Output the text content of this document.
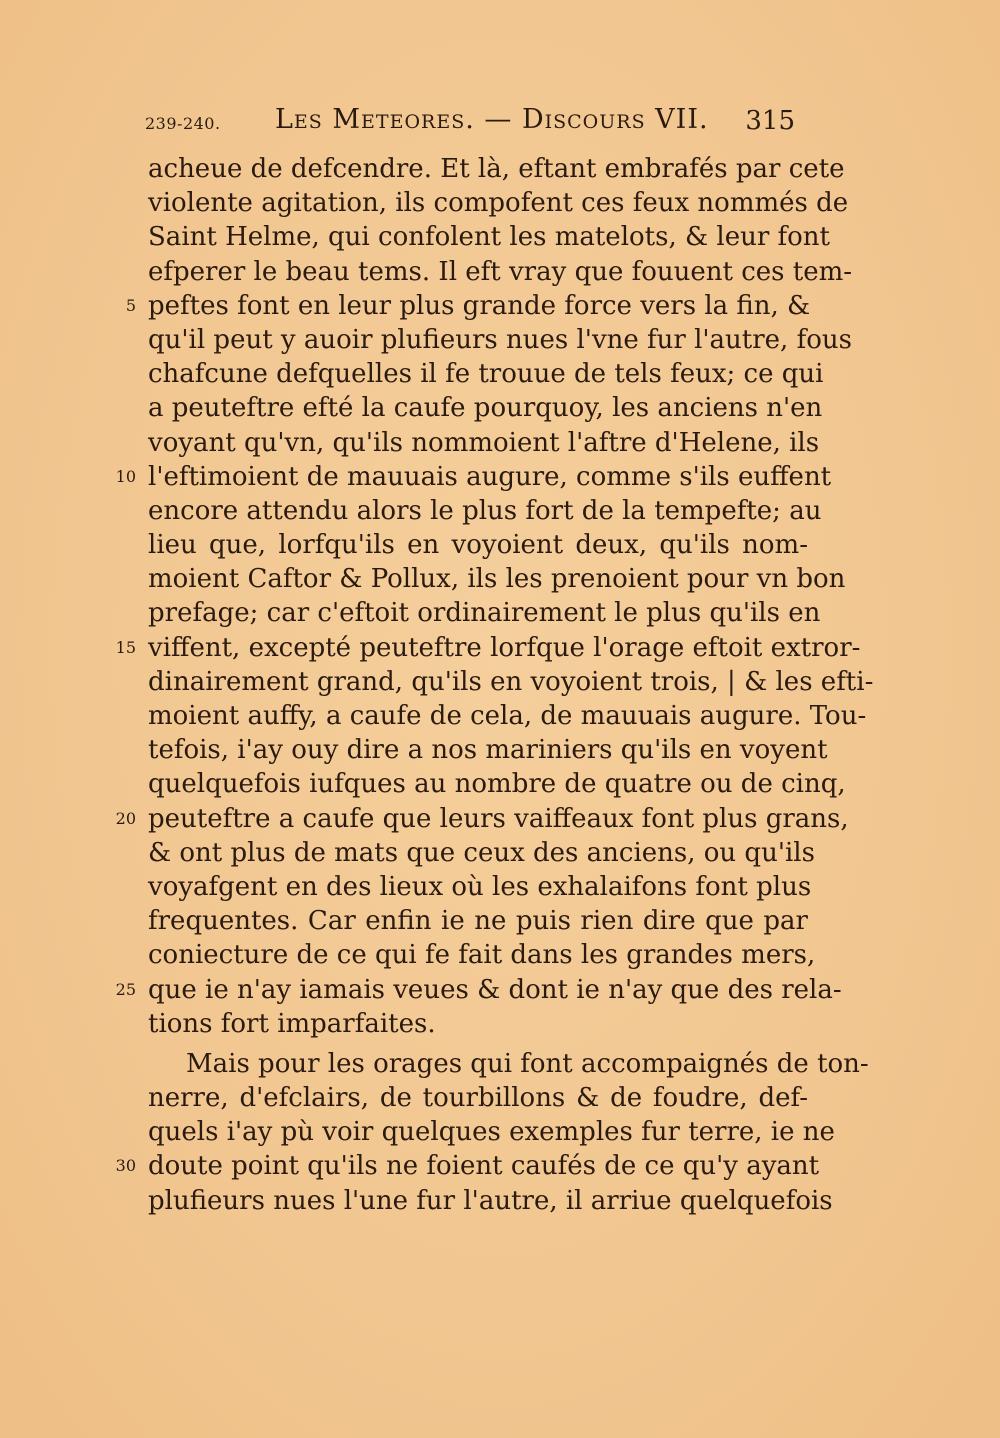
239-240. Les Meteores. — Discours VII. 315
acheue de defcendre. Et là, eftant embrafés par cete
violente agitation, ils compofent ces feux nommés de
Saint Helme, qui confolent les matelots, & leur font
efperer le beau tems. Il eft vray que fouuent ces tem-
5 peftes font en leur plus grande force vers la fin, &
qu'il peut y auoir plufieurs nues l'vne fur l'autre, fous
chafcune defquelles il fe trouue de tels feux; ce qui
a peuteftre efté la caufe pourquoy, les anciens n'en
voyant qu'vn, qu'ils nommoient l'aftre d'Helene, ils
10 l'eftimoient de mauuais augure, comme s'ils euffent
encore attendu alors le plus fort de la tempefte; au
lieu que, lorfqu'ils en voyoient deux, qu'ils nom-
moient Caftor & Pollux, ils les prenoient pour vn bon
prefage; car c'eftoit ordinairement le plus qu'ils en
15 viffent, excepté peuteftre lorfque l'orage eftoit extror-
dinairement grand, qu'ils en voyoient trois, | & les efti-
moient auffy, a caufe de cela, de mauuais augure. Tou-
tefois, i'ay ouy dire a nos mariniers qu'ils en voyent
quelquefois iufques au nombre de quatre ou de cinq,
20 peuteftre a caufe que leurs vaiffeaux font plus grans,
& ont plus de mats que ceux des anciens, ou qu'ils
voyafgent en des lieux où les exhalaifons font plus
frequentes. Car enfin ie ne puis rien dire que par
coniecture de ce qui fe fait dans les grandes mers,
25 que ie n'ay iamais veues & dont ie n'ay que des rela-
tions fort imparfaites.
Mais pour les orages qui font accompaignés de ton-
nerre, d'efclairs, de tourbillons & de foudre, def-
quels i'ay pù voir quelques exemples fur terre, ie ne
30 doute point qu'ils ne foient caufés de ce qu'y ayant
plufieurs nues l'une fur l'autre, il arriue quelquefois
